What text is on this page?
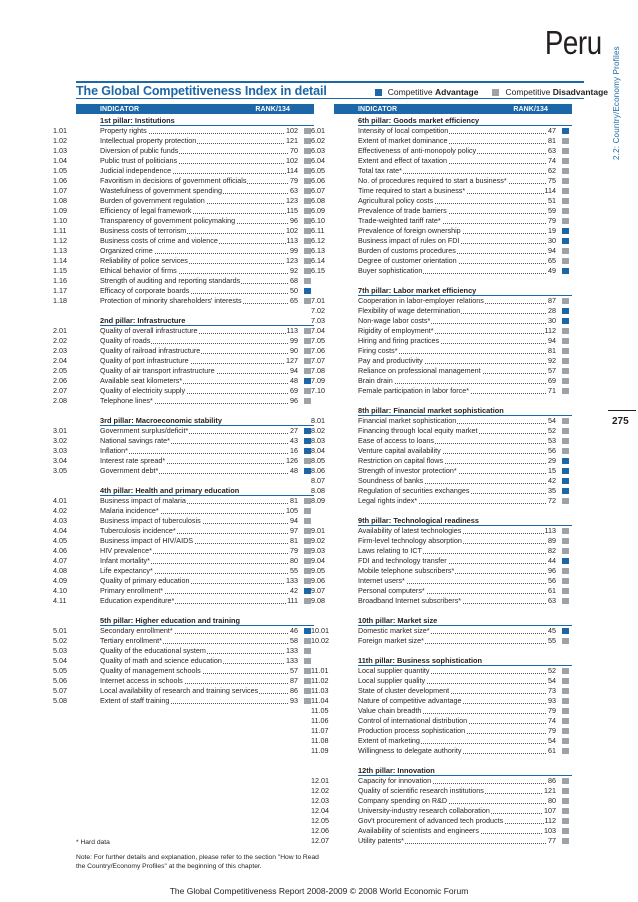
Peru
2.2: Country/Economy Profiles
275
The Global Competitiveness Index in detail	Competitive Advantage	Competitive Disadvantage
INDICATOR	RANK/134
1st pillar: Institutions
1.01	Property rights	102
1.02	Intellectual property protection	121
1.03	Diversion of public funds	70
1.04	Public trust of politicians	102
1.05	Judicial independence	114
1.06	Favoritism in decisions of government officials	79
1.07	Wastefulness of government spending	63
1.08	Burden of government regulation	123
1.09	Efficiency of legal framework	115
1.10	Transparency of government policymaking	96
1.11	Business costs of terrorism	102
1.12	Business costs of crime and violence	113
1.13	Organized crime	99
1.14	Reliability of police services	123
1.15	Ethical behavior of firms	92
1.16	Strength of auditing and reporting standards	68
1.17	Efficacy of corporate boards	50
1.18	Protection of minority shareholders' interests	65
2nd pillar: Infrastructure
2.01	Quality of overall infrastructure	113
2.02	Quality of roads	99
2.03	Quality of railroad infrastructure	90
2.04	Quality of port infrastructure	127
2.05	Quality of air transport infrastructure	94
2.06	Available seat kilometers*	48
2.07	Quality of electricity supply	69
2.08	Telephone lines*	96
3rd pillar: Macroeconomic stability
3.01	Government surplus/deficit*	27
3.02	National savings rate*	43
3.03	Inflation*	16
3.04	Interest rate spread*	126
3.05	Government debt*	48
4th pillar: Health and primary education
4.01	Business impact of malaria	81
4.02	Malaria incidence*	105
4.03	Business impact of tuberculosis	94
4.04	Tuberculosis incidence*	97
4.05	Business impact of HIV/AIDS	81
4.06	HIV prevalence*	79
4.07	Infant mortality*	80
4.08	Life expectancy*	55
4.09	Quality of primary education	133
4.10	Primary enrollment*	42
4.11	Education expenditure*	111
5th pillar: Higher education and training
5.01	Secondary enrollment*	46
5.02	Tertiary enrollment*	58
5.03	Quality of the educational system	133
5.04	Quality of math and science education	133
5.05	Quality of management schools	57
5.06	Internet access in schools	87
5.07	Local availability of research and training services	86
5.08	Extent of staff training	93
INDICATOR	RANK/134
6th pillar: Goods market efficiency
6.01	Intensity of local competition	47
6.02	Extent of market dominance	81
6.03	Effectiveness of anti-monopoly policy	63
6.04	Extent and effect of taxation	74
6.05	Total tax rate*	62
6.06	No. of procedures required to start a business*	75
6.07	Time required to start a business*	114
6.08	Agricultural policy costs	51
6.09	Prevalence of trade barriers	59
6.10	Trade-weighted tariff rate*	79
6.11	Prevalence of foreign ownership	19
6.12	Business impact of rules on FDI	30
6.13	Burden of customs procedures	94
6.14	Degree of customer orientation	65
6.15	Buyer sophistication	49
7th pillar: Labor market efficiency
7.01	Cooperation in labor-employer relations	87
7.02	Flexibility of wage determination	28
7.03	Non-wage labor costs*	30
7.04	Rigidity of employment*	112
7.05	Hiring and firing practices	94
7.06	Firing costs*	81
7.07	Pay and productivity	92
7.08	Reliance on professional management	57
7.09	Brain drain	69
7.10	Female participation in labor force*	71
8th pillar: Financial market sophistication
8.01	Financial market sophistication	54
8.02	Financing through local equity market	52
8.03	Ease of access to loans	53
8.04	Venture capital availability	56
8.05	Restriction on capital flows	29
8.06	Strength of investor protection*	15
8.07	Soundness of banks	42
8.08	Regulation of securities exchanges	35
8.09	Legal rights index*	72
9th pillar: Technological readiness
9.01	Availability of latest technologies	113
9.02	Firm-level technology absorption	89
9.03	Laws relating to ICT	82
9.04	FDI and technology transfer	44
9.05	Mobile telephone subscribers*	96
9.06	Internet users*	56
9.07	Personal computers*	61
9.08	Broadband Internet subscribers*	63
10th pillar: Market size
10.01	Domestic market size*	45
10.02	Foreign market size*	55
11th pillar: Business sophistication
11.01	Local supplier quantity	52
11.02	Local supplier quality	54
11.03	State of cluster development	73
11.04	Nature of competitive advantage	93
11.05	Value chain breadth	79
11.06	Control of international distribution	74
11.07	Production process sophistication	79
11.08	Extent of marketing	54
11.09	Willingness to delegate authority	61
12th pillar: Innovation
12.01	Capacity for innovation	86
12.02	Quality of scientific research institutions	121
12.03	Company spending on R&D	80
12.04	University-industry research collaboration	107
12.05	Gov't procurement of advanced tech products	112
12.06	Availability of scientists and engineers	103
12.07	Utility patents*	77
* Hard data
Note: For further details and explanation, please refer to the section "How to Read the Country/Economy Profiles" at the beginning of this chapter.
The Global Competitiveness Report 2008-2009 © 2008 World Economic Forum
